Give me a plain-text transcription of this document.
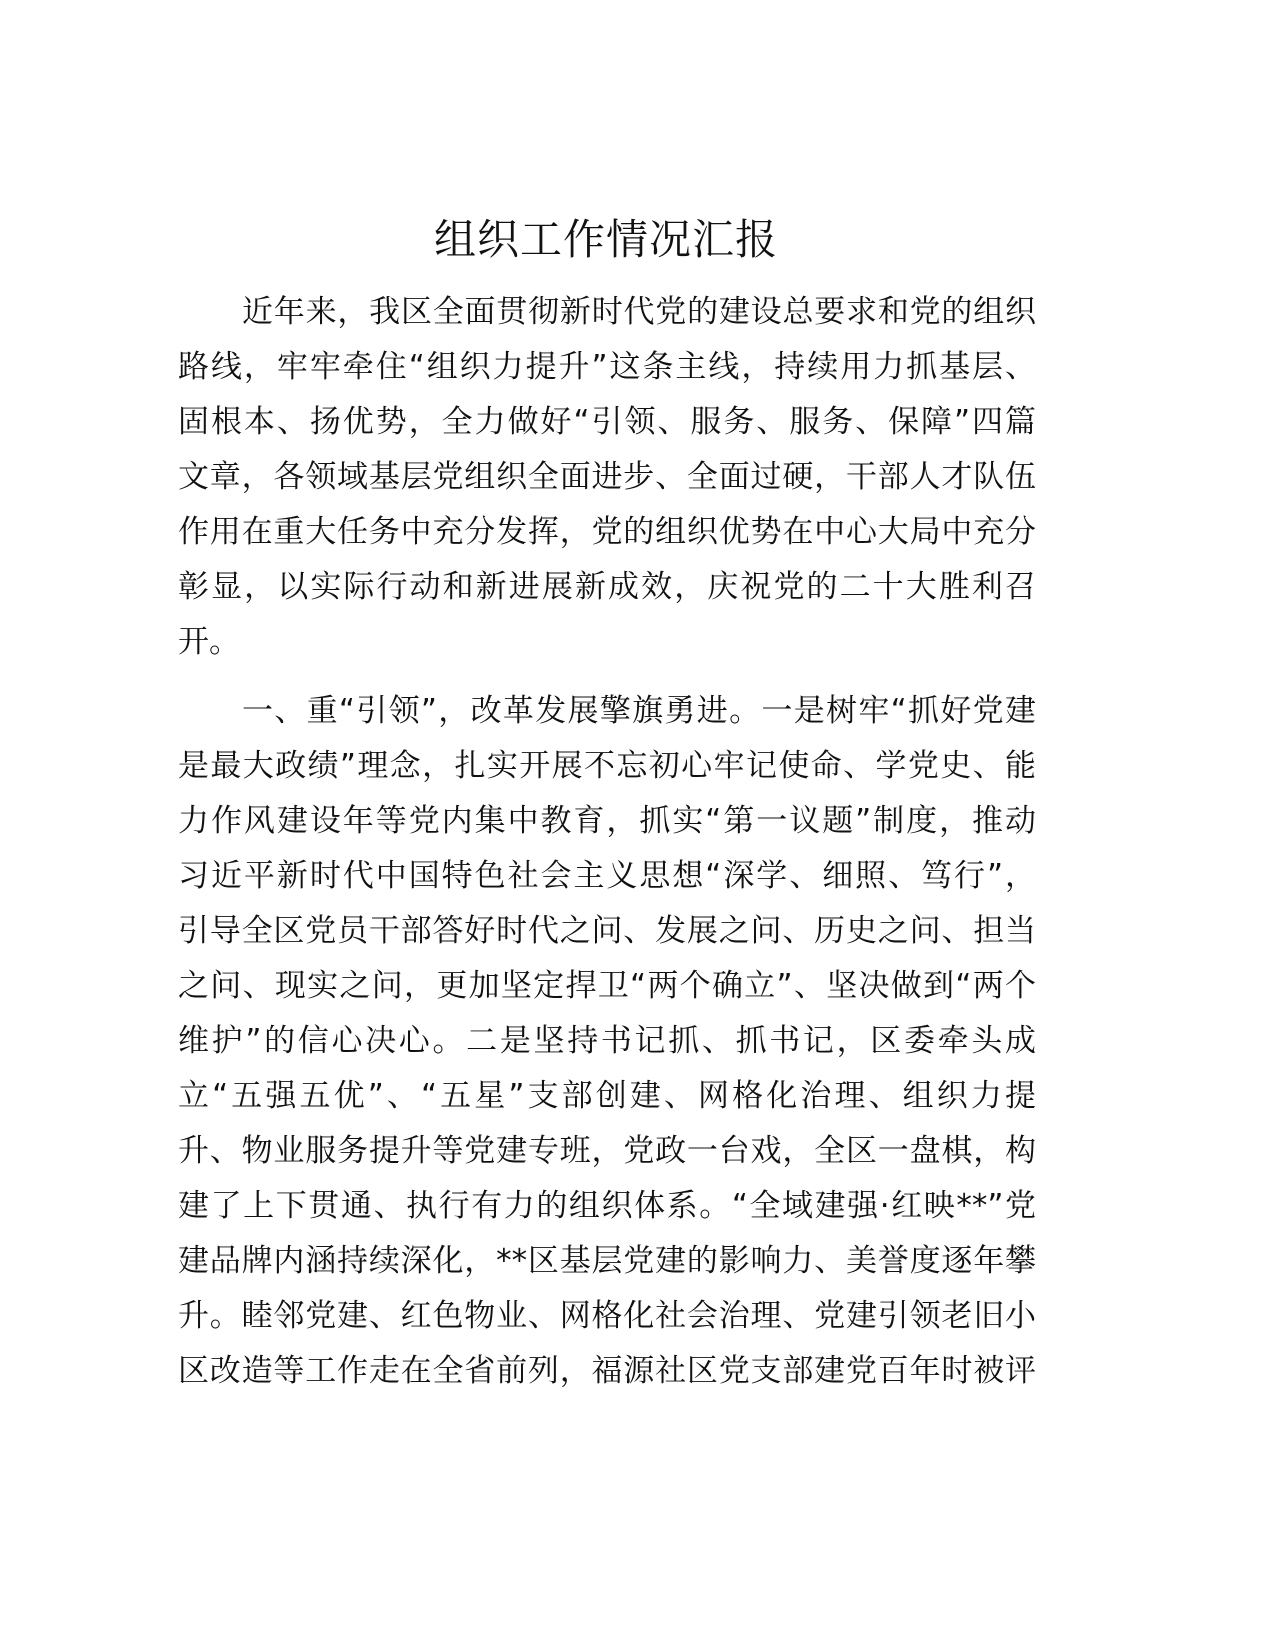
组织工作情况汇报
近年来，我区全面贯彻新时代党的建设总要求和党的组织
路线，牢牢牵住“组织力提升”这条主线，持续用力抓基层、
固根本、扬优势，全力做好“引领、服务、服务、保障”四篇
文章，各领域基层党组织全面进步、全面过硬，干部人才队伍
作用在重大任务中充分发挥，党的组织优势在中心大局中充分
彰显，以实际行动和新进展新成效，庆祝党的二十大胜利召
开。
一、重“引领”，改革发展擎旗勇进。一是树牢“抓好党建
是最大政绩”理念，扎实开展不忘初心牢记使命、学党史、能
力作风建设年等党内集中教育，抓实“第一议题”制度，推动
习近平新时代中国特色社会主义思想“深学、细照、笃行”，
引导全区党员干部答好时代之问、发展之问、历史之问、担当
之问、现实之问，更加坚定捍卫“两个确立”、坚决做到“两个
维护”的信心决心。二是坚持书记抓、抓书记，区委牵头成
立“五强五优”、“五星”支部创建、网格化治理、组织力提
升、物业服务提升等党建专班，党政一台戏，全区一盘棋，构
建了上下贯通、执行有力的组织体系。“全域建强·红映**”党
建品牌内涵持续深化，**区基层党建的影响力、美誉度逐年攀
升。睦邻党建、红色物业、网格化社会治理、党建引领老旧小
区改造等工作走在全省前列，福源社区党支部建党百年时被评
